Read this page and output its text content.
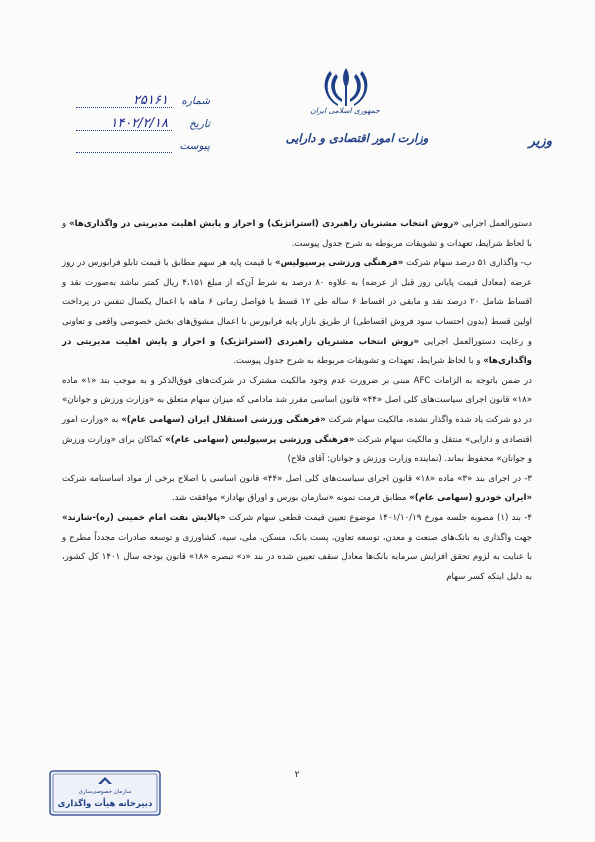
جمهوری اسلامی ایران
وزارت امور اقتصادی و دارایی	وزیر
شماره
۲۵۱۶۱
تاریخ
۱۴۰۲/۲/۱۸
پیوست

دستورالعمل اجرایی «روش انتخاب مشتریان راهبردی (استراتژیک) و احراز و پایش اهلیت مدیریتی در واگذاری‌ها» و با لحاظ شرایط، تعهدات و تشویقات مربوطه به شرح جدول پیوست.

ب- واگذاری ۵۱ درصد سهام شرکت «فرهنگی ورزشی پرسپولیس» با قیمت پایه هر سهم مطابق با قیمت تابلو فرابورس در روز عرضه (معادل قیمت پایانی روز قبل از عرضه) به علاوه ۸۰ درصد به شرط آن‌که از مبلغ ۴،۱۵۱ ریال کمتر نباشد به‌صورت نقد و اقساط شامل ۲۰ درصد نقد و مابقی در اقساط ۶ ساله طی ۱۲ قسط با فواصل زمانی ۶ ماهه با اعمال یکسال تنفس در پرداخت اولین قسط (بدون احتساب سود فروش اقساطی) از طریق بازار پایه فرابورس با اعمال مشوق‌های بخش خصوصی واقعی و تعاونی و رعایت دستورالعمل اجرایی «روش انتخاب مشتریان راهبردی (استراتژیک) و احراز و پایش اهلیت مدیریتی در واگذاری‌ها» و با لحاظ شرایط، تعهدات و تشویقات مربوطه به شرح جدول پیوست.

در ضمن باتوجه به الزامات AFC مبنی بر ضرورت عدم وجود مالکیت مشترک در شرکت‌های فوق‌الذکر و به موجب بند «۱» ماده «۱۸» قانون اجرای سیاست‌های کلی اصل «۴۴» قانون اساسی مقرر شد مادامی که میزان سهام متعلق به «وزارت ورزش و جوانان» در دو شرکت یاد شده واگذار نشده، مالکیت سهام شرکت «فرهنگی ورزشی استقلال ایران (سهامی عام)» به «وزارت امور اقتصادی و دارایی» منتقل و مالکیت سهام شرکت «فرهنگی ورزشی پرسپولیس (سهامی عام)» کماکان برای «وزارت ورزش و جوانان» محفوظ بماند. (نماینده وزارت ورزش و جوانان: آقای فلاح)

۳- در اجرای بند «۳» ماده «۱۸» قانون اجرای سیاست‌های کلی اصل «۴۴» قانون اساسی با اصلاح برخی از مواد اساسنامه شرکت «ایران خودرو (سهامی عام)» مطابق فرمت نمونه «سازمان بورس و اوراق بهادار» موافقت شد.

۴- بند (۱) مصوبه جلسه مورخ ۱۴۰۱/۱۰/۱۹ موضوع تعیین قیمت قطعی سهام شرکت «پالایش نفت امام خمینی (ره)-شازند» جهت واگذاری به بانک‌های صنعت و معدن، توسعه تعاون، پست بانک، مسکن، ملی، سپه، کشاورزی و توسعه صادرات مجدداً مطرح و با عنایت به لزوم تحقق افزایش سرمایه بانک‌ها معادل سقف تعیین شده در بند «د» تبصره «۱۸» قانون بودجه سال ۱۴۰۱ کل کشور، به دلیل اینکه کسر سهام

۲
سازمان خصوصی‌سازی
دبیرخانه هیأت واگذاری
